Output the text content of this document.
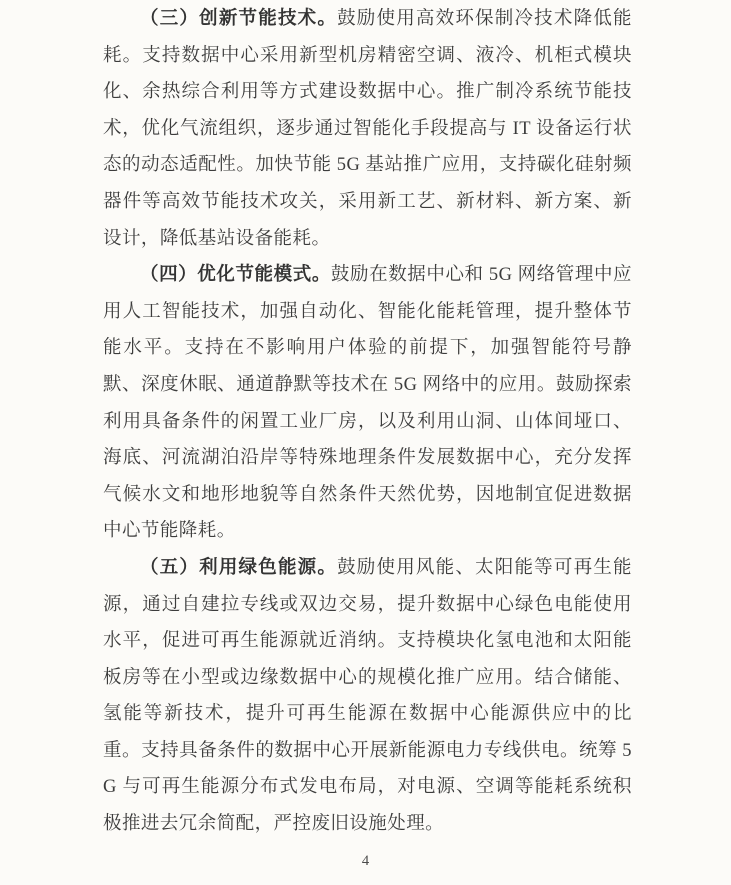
（三）创新节能技术。鼓励使用高效环保制冷技术降低能耗。支持数据中心采用新型机房精密空调、液冷、机柜式模块化、余热综合利用等方式建设数据中心。推广制冷系统节能技术，优化气流组织，逐步通过智能化手段提高与 IT 设备运行状态的动态适配性。加快节能 5G 基站推广应用，支持碳化硅射频器件等高效节能技术攻关，采用新工艺、新材料、新方案、新设计，降低基站设备能耗。

（四）优化节能模式。鼓励在数据中心和 5G 网络管理中应用人工智能技术，加强自动化、智能化能耗管理，提升整体节能水平。支持在不影响用户体验的前提下，加强智能符号静默、深度休眠、通道静默等技术在 5G 网络中的应用。鼓励探索利用具备条件的闲置工业厂房，以及利用山洞、山体间垭口、海底、河流湖泊沿岸等特殊地理条件发展数据中心，充分发挥气候水文和地形地貌等自然条件天然优势，因地制宜促进数据中心节能降耗。

（五）利用绿色能源。鼓励使用风能、太阳能等可再生能源，通过自建拉专线或双边交易，提升数据中心绿色电能使用水平，促进可再生能源就近消纳。支持模块化氢电池和太阳能板房等在小型或边缘数据中心的规模化推广应用。结合储能、氢能等新技术，提升可再生能源在数据中心能源供应中的比重。支持具备条件的数据中心开展新能源电力专线供电。统筹 5G 与可再生能源分布式发电布局，对电源、空调等能耗系统积极推进去冗余简配，严控废旧设施处理。

4
